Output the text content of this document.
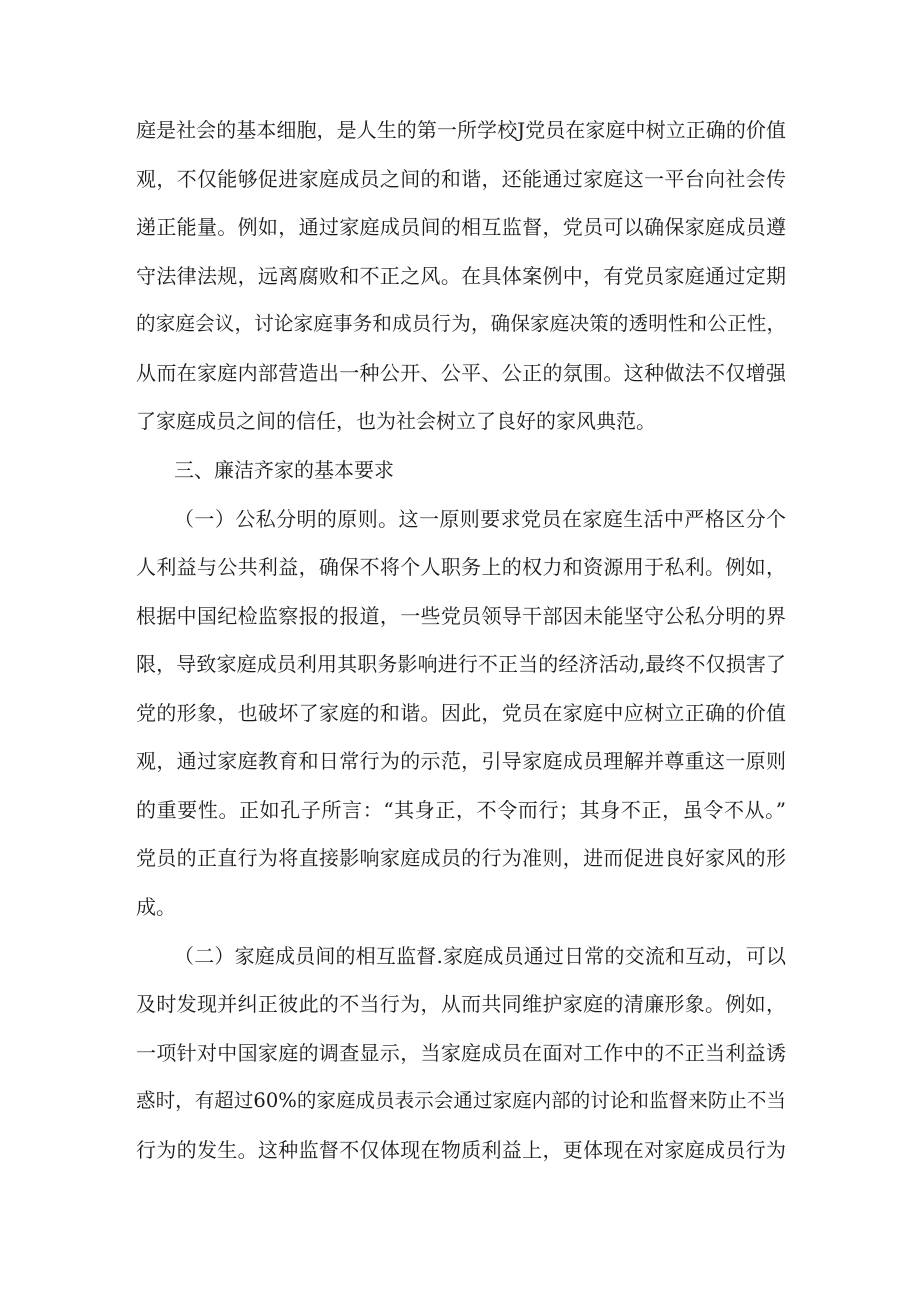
庭是社会的基本细胞，是人生的第一所学校J党员在家庭中树立正确的价值
观，不仅能够促进家庭成员之间的和谐，还能通过家庭这一平台向社会传
递正能量。例如，通过家庭成员间的相互监督，党员可以确保家庭成员遵
守法律法规，远离腐败和不正之风。在具体案例中，有党员家庭通过定期
的家庭会议，讨论家庭事务和成员行为，确保家庭决策的透明性和公正性，
从而在家庭内部营造出一种公开、公平、公正的氛围。这种做法不仅增强
了家庭成员之间的信任，也为社会树立了良好的家风典范。
三、廉洁齐家的基本要求
（一）公私分明的原则。这一原则要求党员在家庭生活中严格区分个
人利益与公共利益，确保不将个人职务上的权力和资源用于私利。例如，
根据中国纪检监察报的报道，一些党员领导干部因未能坚守公私分明的界
限，导致家庭成员利用其职务影响进行不正当的经济活动,最终不仅损害了
党的形象，也破坏了家庭的和谐。因此，党员在家庭中应树立正确的价值
观，通过家庭教育和日常行为的示范，引导家庭成员理解并尊重这一原则
的重要性。正如孔子所言：“其身正，不令而行；其身不正，虽令不从。”
党员的正直行为将直接影响家庭成员的行为准则，进而促进良好家风的形
成。
（二）家庭成员间的相互监督.家庭成员通过日常的交流和互动，可以
及时发现并纠正彼此的不当行为，从而共同维护家庭的清廉形象。例如，
一项针对中国家庭的调查显示，当家庭成员在面对工作中的不正当利益诱
惑时，有超过60%的家庭成员表示会通过家庭内部的讨论和监督来防止不当
行为的发生。这种监督不仅体现在物质利益上，更体现在对家庭成员行为
